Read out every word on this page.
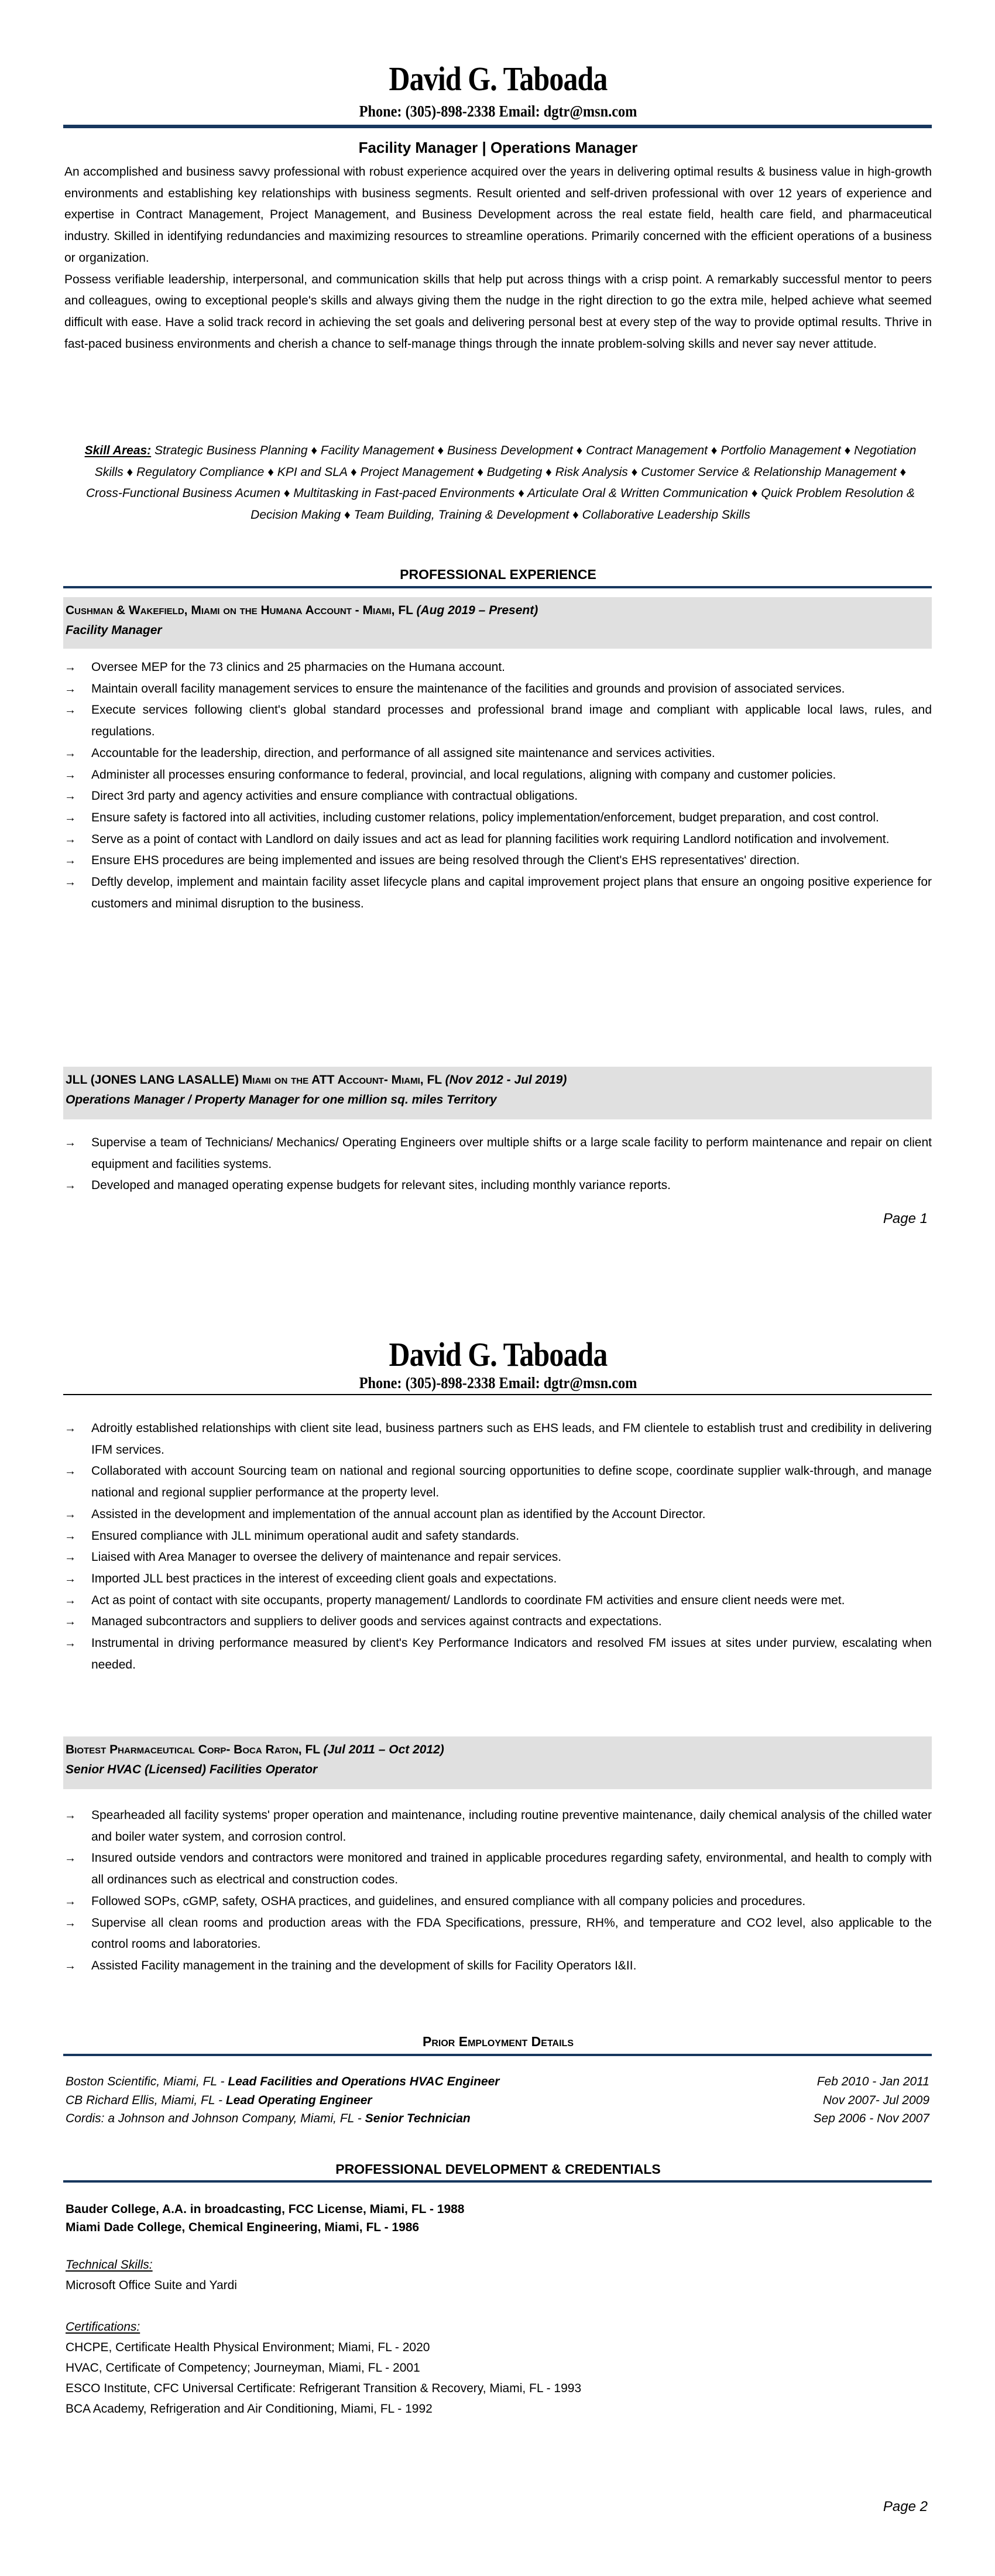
David G. Taboada
Phone: (305)-898-2338 Email: dgtr@msn.com
Facility Manager | Operations Manager

An accomplished and business savvy professional with robust experience acquired over the years in delivering optimal results & business value in high-growth environments and establishing key relationships with business segments. Result oriented and self-driven professional with over 12 years of experience and expertise in Contract Management, Project Management, and Business Development across the real estate field, health care field, and pharmaceutical industry. Skilled in identifying redundancies and maximizing resources to streamline operations. Primarily concerned with the efficient operations of a business or organization.

Possess verifiable leadership, interpersonal, and communication skills that help put across things with a crisp point. A remarkably successful mentor to peers and colleagues, owing to exceptional people's skills and always giving them the nudge in the right direction to go the extra mile, helped achieve what seemed difficult with ease. Have a solid track record in achieving the set goals and delivering personal best at every step of the way to provide optimal results. Thrive in fast-paced business environments and cherish a chance to self-manage things through the innate problem-solving skills and never say never attitude.

Skill Areas: Strategic Business Planning ♦ Facility Management ♦ Business Development ♦ Contract Management ♦ Portfolio Management ♦ Negotiation Skills ♦ Regulatory Compliance ♦ KPI and SLA ♦ Project Management ♦ Budgeting ♦ Risk Analysis ♦ Customer Service & Relationship Management ♦ Cross-Functional Business Acumen ♦ Multitasking in Fast-paced Environments ♦ Articulate Oral & Written Communication ♦ Quick Problem Resolution & Decision Making ♦ Team Building, Training & Development ♦ Collaborative Leadership Skills
PROFESSIONAL EXPERIENCE
Cushman & Wakefield, Miami on the Humana Account - Miami, FL (Aug 2019 – Present)
Facility Manager
→ Oversee MEP for the 73 clinics and 25 pharmacies on the Humana account.
→ Maintain overall facility management services to ensure the maintenance of the facilities and grounds and provision of associated services.
→ Execute services following client's global standard processes and professional brand image and compliant with applicable local laws, rules, and regulations.
→ Accountable for the leadership, direction, and performance of all assigned site maintenance and services activities.
→ Administer all processes ensuring conformance to federal, provincial, and local regulations, aligning with company and customer policies.
→ Direct 3rd party and agency activities and ensure compliance with contractual obligations.
→ Ensure safety is factored into all activities, including customer relations, policy implementation/enforcement, budget preparation, and cost control.
→ Serve as a point of contact with Landlord on daily issues and act as lead for planning facilities work requiring Landlord notification and involvement.
→ Ensure EHS procedures are being implemented and issues are being resolved through the Client's EHS representatives' direction.
→ Deftly develop, implement and maintain facility asset lifecycle plans and capital improvement project plans that ensure an ongoing positive experience for customers and minimal disruption to the business.
JLL (JONES LANG LASALLE) Miami on the ATT Account- Miami, FL (Nov 2012 - Jul 2019)
Operations Manager / Property Manager for one million sq. miles Territory
→ Supervise a team of Technicians/ Mechanics/ Operating Engineers over multiple shifts or a large scale facility to perform maintenance and repair on client equipment and facilities systems.
→ Developed and managed operating expense budgets for relevant sites, including monthly variance reports.
Page 1
David G. Taboada
Phone: (305)-898-2338 Email: dgtr@msn.com
→ Adroitly established relationships with client site lead, business partners such as EHS leads, and FM clientele to establish trust and credibility in delivering IFM services.
→ Collaborated with account Sourcing team on national and regional sourcing opportunities to define scope, coordinate supplier walk-through, and manage national and regional supplier performance at the property level.
→ Assisted in the development and implementation of the annual account plan as identified by the Account Director.
→ Ensured compliance with JLL minimum operational audit and safety standards.
→ Liaised with Area Manager to oversee the delivery of maintenance and repair services.
→ Imported JLL best practices in the interest of exceeding client goals and expectations.
→ Act as point of contact with site occupants, property management/ Landlords to coordinate FM activities and ensure client needs were met.
→ Managed subcontractors and suppliers to deliver goods and services against contracts and expectations.
→ Instrumental in driving performance measured by client's Key Performance Indicators and resolved FM issues at sites under purview, escalating when needed.
Biotest Pharmaceutical Corp- Boca Raton, FL (Jul 2011 – Oct 2012)
Senior HVAC (Licensed) Facilities Operator
→ Spearheaded all facility systems' proper operation and maintenance, including routine preventive maintenance, daily chemical analysis of the chilled water and boiler water system, and corrosion control.
→ Insured outside vendors and contractors were monitored and trained in applicable procedures regarding safety, environmental, and health to comply with all ordinances such as electrical and construction codes.
→ Followed SOPs, cGMP, safety, OSHA practices, and guidelines, and ensured compliance with all company policies and procedures.
→ Supervise all clean rooms and production areas with the FDA Specifications, pressure, RH%, and temperature and CO2 level, also applicable to the control rooms and laboratories.
→ Assisted Facility management in the training and the development of skills for Facility Operators I&II.
Prior Employment Details
Boston Scientific, Miami, FL - Lead Facilities and Operations HVAC Engineer	Feb 2010 - Jan 2011
CB Richard Ellis, Miami, FL - Lead Operating Engineer	Nov 2007- Jul 2009
Cordis: a Johnson and Johnson Company, Miami, FL - Senior Technician	Sep 2006 - Nov 2007
PROFESSIONAL DEVELOPMENT & CREDENTIALS
Bauder College, A.A. in broadcasting, FCC License, Miami, FL - 1988
Miami Dade College, Chemical Engineering, Miami, FL - 1986
Technical Skills:
Microsoft Office Suite and Yardi
Certifications:
CHCPE, Certificate Health Physical Environment; Miami, FL - 2020
HVAC, Certificate of Competency; Journeyman, Miami, FL - 2001
ESCO Institute, CFC Universal Certificate: Refrigerant Transition & Recovery, Miami, FL - 1993
BCA Academy, Refrigeration and Air Conditioning, Miami, FL - 1992
Page 2
